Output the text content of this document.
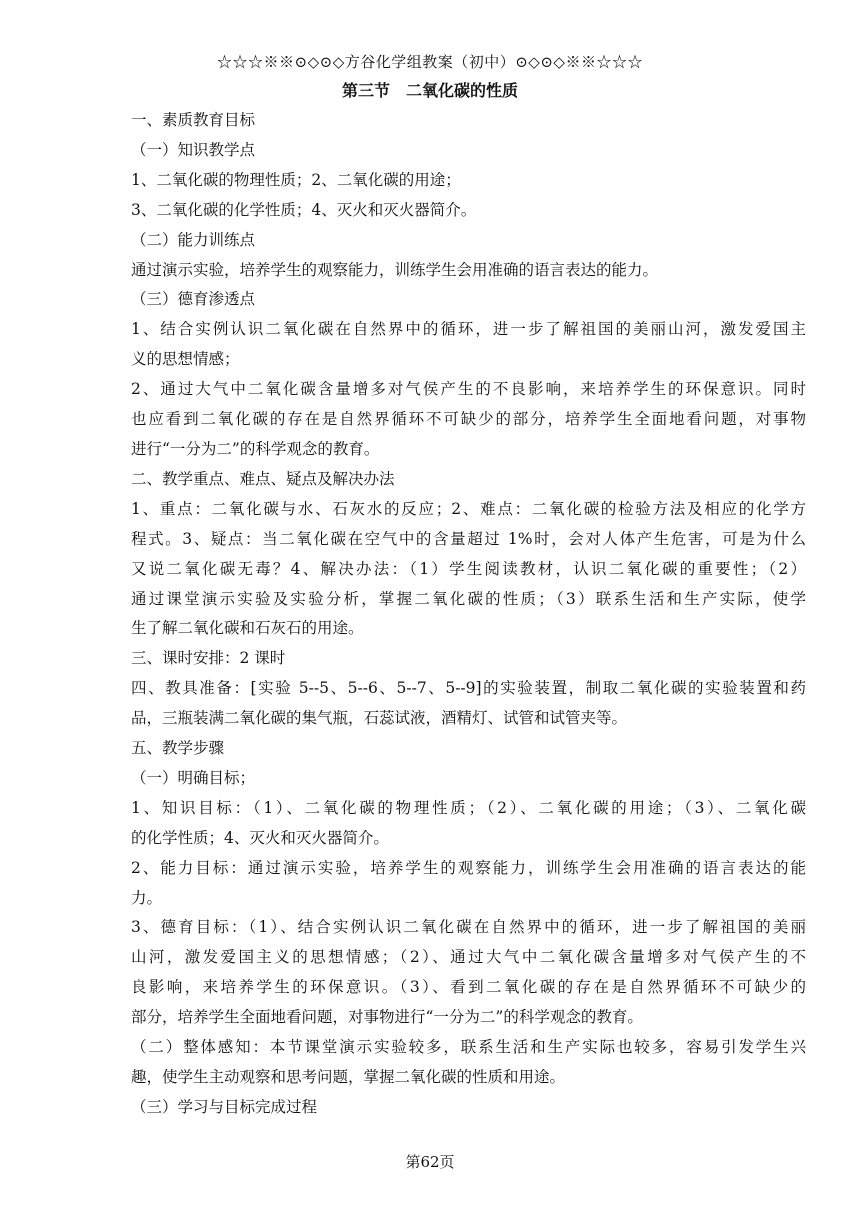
☆☆☆※※⊙◇⊙◇方谷化学组教案（初中）⊙◇⊙◇※※☆☆☆
第三节　二氧化碳的性质
一、素质教育目标
（一）知识教学点
1、二氧化碳的物理性质；2、二氧化碳的用途；
3、二氧化碳的化学性质；4、灭火和灭火器简介。
（二）能力训练点
通过演示实验，培养学生的观察能力，训练学生会用准确的语言表达的能力。
（三）德育渗透点
1、结合实例认识二氧化碳在自然界中的循环，进一步了解祖国的美丽山河，激发爱国主
义的思想情感；
2、通过大气中二氧化碳含量增多对气侯产生的不良影响，来培养学生的环保意识。同时
也应看到二氧化碳的存在是自然界循环不可缺少的部分，培养学生全面地看问题，对事物
进行“一分为二”的科学观念的教育。
二、教学重点、难点、疑点及解决办法
1、重点：二氧化碳与水、石灰水的反应；2、难点：二氧化碳的检验方法及相应的化学方
程式。3、疑点：当二氧化碳在空气中的含量超过 1%时，会对人体产生危害，可是为什么
又说二氧化碳无毒？4、解决办法：（1）学生阅读教材，认识二氧化碳的重要性；（2）
通过课堂演示实验及实验分析，掌握二氧化碳的性质；（3）联系生活和生产实际，使学
生了解二氧化碳和石灰石的用途。
三、课时安排：2 课时
四、教具准备：[实验 5--5、5--6、5--7、5--9]的实验装置，制取二氧化碳的实验装置和药
品，三瓶装满二氧化碳的集气瓶，石蕊试液，酒精灯、试管和试管夹等。
五、教学步骤
（一）明确目标；
1、知识目标：（1）、二氧化碳的物理性质；（2）、二氧化碳的用途；（3）、二氧化碳
的化学性质；4、灭火和灭火器简介。
2、能力目标：通过演示实验，培养学生的观察能力，训练学生会用准确的语言表达的能
力。
3、德育目标：（1）、结合实例认识二氧化碳在自然界中的循环，进一步了解祖国的美丽
山河，激发爱国主义的思想情感；（2）、通过大气中二氧化碳含量增多对气侯产生的不
良影响，来培养学生的环保意识。（3）、看到二氧化碳的存在是自然界循环不可缺少的
部分，培养学生全面地看问题，对事物进行“一分为二”的科学观念的教育。
（二）整体感知：本节课堂演示实验较多，联系生活和生产实际也较多，容易引发学生兴
趣，使学生主动观察和思考问题，掌握二氧化碳的性质和用途。
（三）学习与目标完成过程
第62页
